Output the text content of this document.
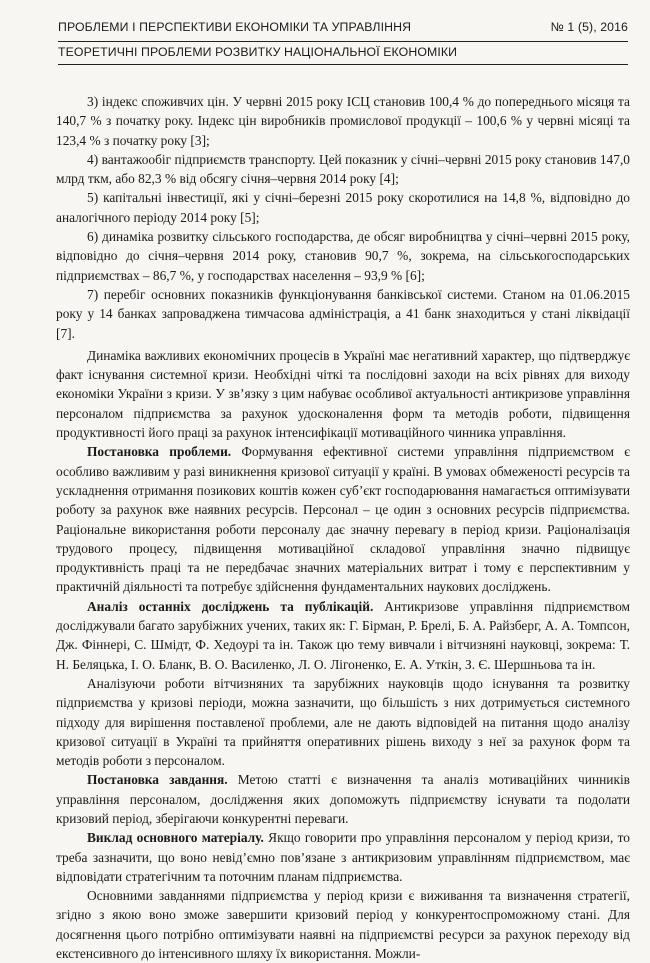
ПРОБЛЕМИ І ПЕРСПЕКТИВИ ЕКОНОМІКИ ТА УПРАВЛІННЯ	№ 1 (5), 2016
ТЕОРЕТИЧНІ ПРОБЛЕМИ РОЗВИТКУ НАЦІОНАЛЬНОЇ ЕКОНОМІКИ

3) індекс споживчих цін. У червні 2015 року ІСЦ становив 100,4 % до попереднього місяця та 140,7 % з початку року. Індекс цін виробників промислової продукції – 100,6 % у червні місяці та 123,4 % з початку року [3];

4) вантажообіг підприємств транспорту. Цей показник у січні–червні 2015 року становив 147,0 млрд ткм, або 82,3 % від обсягу січня–червня 2014 року [4];

5) капітальні інвестиції, які у січні–березні 2015 року скоротилися на 14,8 %, відповідно до аналогічного періоду 2014 року [5];

6) динаміка розвитку сільського господарства, де обсяг виробництва у січні–червні 2015 року, відповідно до січня–червня 2014 року, становив 90,7 %, зокрема, на сільськогосподарських підприємствах – 86,7 %, у господарствах населення – 93,9 % [6];

7) перебіг основних показників функціонування банківської системи. Станом на 01.06.2015 року у 14 банках запроваджена тимчасова адміністрація, а 41 банк знаходиться у стані ліквідації [7].

Динаміка важливих економічних процесів в Україні має негативний характер, що підтверджує факт існування системної кризи. Необхідні чіткі та послідовні заходи на всіх рівнях для виходу економіки України з кризи. У зв’язку з цим набуває особливої актуальності антикризове управління персоналом підприємства за рахунок удосконалення форм та методів роботи, підвищення продуктивності його праці за рахунок інтенсифікації мотиваційного чинника управління.

Постановка проблеми. Формування ефективної системи управління підприємством є особливо важливим у разі виникнення кризової ситуації у країні. В умовах обмеженості ресурсів та ускладнення отримання позикових коштів кожен суб’єкт господарювання намагається оптимізувати роботу за рахунок вже наявних ресурсів. Персонал – це один з основних ресурсів підприємства. Раціональне використання роботи персоналу дає значну перевагу в період кризи. Раціоналізація трудового процесу, підвищення мотиваційної складової управління значно підвищує продуктивність праці та не передбачає значних матеріальних витрат і тому є перспективним у практичній діяльності та потребує здійснення фундаментальних наукових досліджень.

Аналіз останніх досліджень та публікацій. Антикризове управління підприємством досліджували багато зарубіжних учених, таких як: Г. Бірман, Р. Брелі, Б. А. Райзберг, А. А. Томпсон, Дж. Фіннері, С. Шмідт, Ф. Хедоурі та ін. Також цю тему вивчали і вітчизняні науковці, зокрема: Т. Н. Беляцька, І. О. Бланк, В. О. Василенко, Л. О. Лігоненко, Е. А. Уткін, З. Є. Шершньова та ін.

Аналізуючи роботи вітчизняних та зарубіжних науковців щодо існування та розвитку підприємства у кризові періоди, можна зазначити, що більшість з них дотримується системного підходу для вирішення поставленої проблеми, але не дають відповідей на питання щодо аналізу кризової ситуації в Україні та прийняття оперативних рішень виходу з неї за рахунок форм та методів роботи з персоналом.

Постановка завдання. Метою статті є визначення та аналіз мотиваційних чинників управління персоналом, дослідження яких допоможуть підприємству існувати та подолати кризовий період, зберігаючи конкурентні переваги.

Виклад основного матеріалу. Якщо говорити про управління персоналом у період кризи, то треба зазначити, що воно невід’ємно пов’язане з антикризовим управлінням підприємством, має відповідати стратегічним та поточним планам підприємства.

Основними завданнями підприємства у період кризи є виживання та визначення стратегії, згідно з якою воно зможе завершити кризовий період у конкурентоспроможному стані. Для досягнення цього потрібно оптимізувати наявні на підприємстві ресурси за рахунок переходу від екстенсивного до інтенсивного шляху їх використання. Можли-
